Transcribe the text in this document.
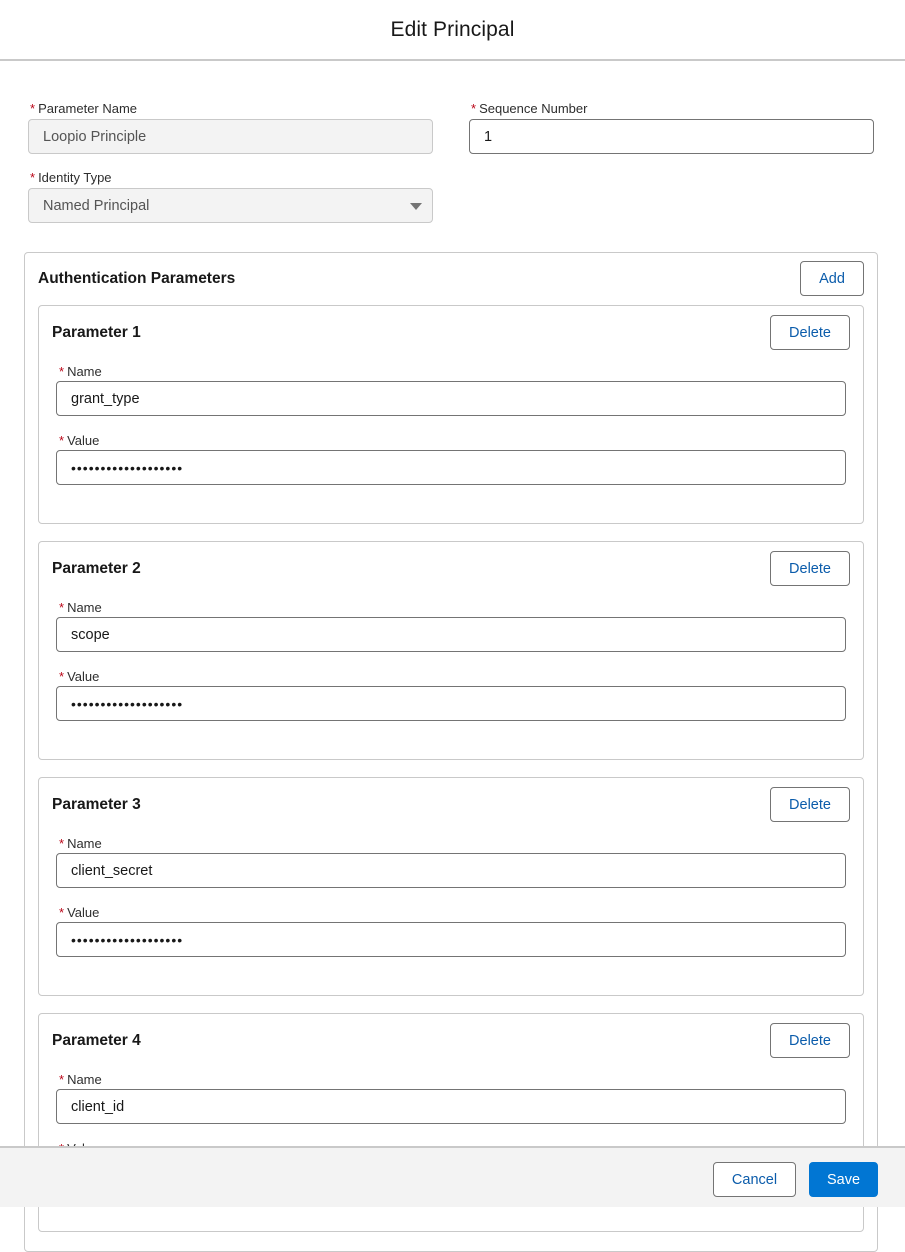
Edit Principal
* Parameter Name
Loopio Principle
* Sequence Number
1
* Identity Type
Named Principal
Authentication Parameters	Add
Parameter 1	Delete
* Name
grant_type
* Value
•••••••••••••••••••
Parameter 2	Delete
* Name
scope
* Value
•••••••••••••••••••
Parameter 3	Delete
* Name
client_secret
* Value
•••••••••••••••••••
Parameter 4	Delete
* Name
client_id
Cancel	Save
